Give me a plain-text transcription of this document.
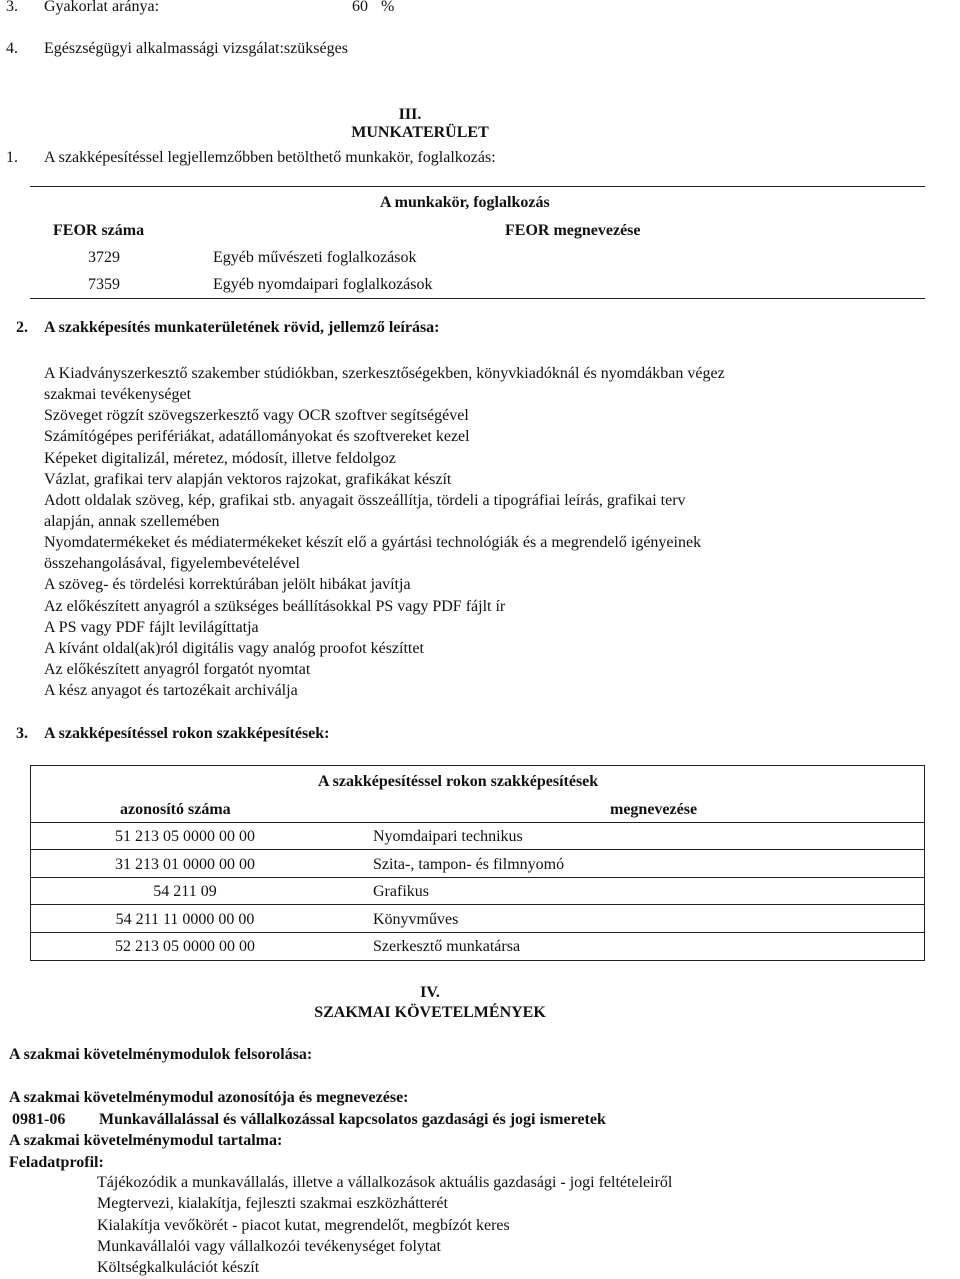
3. Gyakorlat aránya:	60 %
4. Egészségügyi alkalmassági vizsgálat:szükséges
III.
MUNKATERÜLET
1. A szakképesítéssel legjellemzőbben betölthető munkakör, foglalkozás:
A munkakör, foglalkozás
FEOR száma	FEOR megnevezése
3729	Egyéb művészeti foglalkozások
7359	Egyéb nyomdaipari foglalkozások
2. A szakképesítés munkaterületének rövid, jellemző leírása:
A Kiadványszerkesztő szakember stúdiókban, szerkesztőségekben, könyvkiadóknál és nyomdákban végez
szakmai tevékenységet
Szöveget rögzít szövegszerkesztő vagy OCR szoftver segítségével
Számítógépes perifériákat, adatállományokat és szoftvereket kezel
Képeket digitalizál, méretez, módosít, illetve feldolgoz
Vázlat, grafikai terv alapján vektoros rajzokat, grafikákat készít
Adott oldalak szöveg, kép, grafikai stb. anyagait összeállítja, tördeli a tipográfiai leírás, grafikai terv
alapján, annak szellemében
Nyomdatermékeket és médiatermékeket készít elő a gyártási technológiák és a megrendelő igényeinek
összehangolásával, figyelembevételével
A szöveg- és tördelési korrektúrában jelölt hibákat javítja
Az előkészített anyagról a szükséges beállításokkal PS vagy PDF fájlt ír
A PS vagy PDF fájlt levilágíttatja
A kívánt oldal(ak)ról digitális vagy analóg proofot készíttet
Az előkészített anyagról forgatót nyomtat
A kész anyagot és tartozékait archiválja
3. A szakképesítéssel rokon szakképesítések:
A szakképesítéssel rokon szakképesítések
azonosító száma	megnevezése
51 213 05 0000 00 00	Nyomdaipari technikus
31 213 01 0000 00 00	Szita-, tampon- és filmnyomó
54 211 09	Grafikus
54 211 11 0000 00 00	Könyvműves
52 213 05 0000 00 00	Szerkesztő munkatársa
IV.
SZAKMAI KÖVETELMÉNYEK
A szakmai követelménymodulok felsorolása:
A szakmai követelménymodul azonosítója és megnevezése:
0981-06 Munkavállalással és vállalkozással kapcsolatos gazdasági és jogi ismeretek
A szakmai követelménymodul tartalma:
Feladatprofil:
Tájékozódik a munkavállalás, illetve a vállalkozások aktuális gazdasági - jogi feltételeiről
Megtervezi, kialakítja, fejleszti szakmai eszközhátterét
Kialakítja vevőkörét - piacot kutat, megrendelőt, megbízót keres
Munkavállalói vagy vállalkozói tevékenységet folytat
Költségkalkulációt készít
